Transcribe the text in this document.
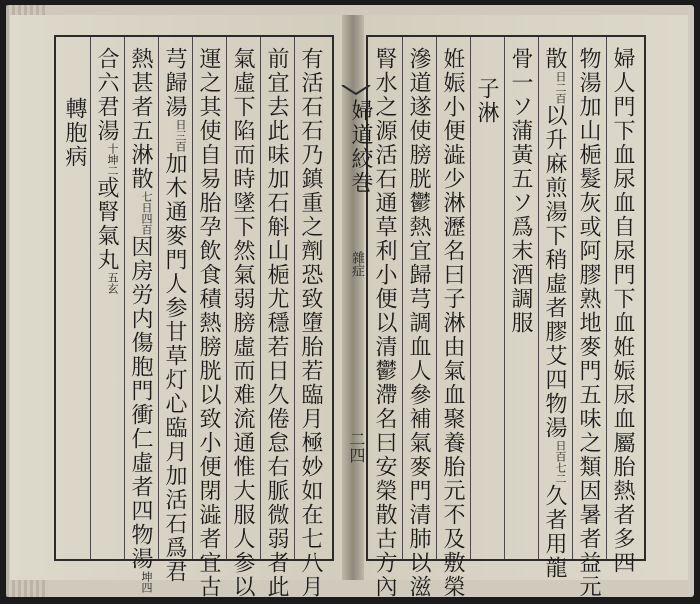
有活石石乃鎮重之劑恐致墮胎若臨月極妙如在七八月
前宜去此味加石斛山梔尤穩若日久倦怠右脈微弱者此
氣虛下陷而時墜下然氣弱膀虛而难流通惟大服人参以
運之其使自易胎孕飲食積熱膀胱以致小便閉澁者宜古
芎歸湯日三百加木通麥門人参甘草灯心臨月加活石爲君
熱甚者五淋散七日四百因房労内傷胞門衝仁虛者四物湯坤四
合六君湯十坤二或腎氣丸五玄
轉胞病	婦人門下血尿血自尿門下血姙娠尿血屬胎熱者多四
物湯加山梔髮灰或阿膠熟地麥門五味之類因暑者益元
散日二百以升麻煎湯下稍虛者膠艾四物湯日百七二久者用龍
骨一ソ蒲黃五ソ爲末酒調服
子淋
姙娠小便澁少淋瀝名曰子淋由氣血聚養胎元不及敷榮
滲道遂使膀胱鬱熱宜歸芎調血人參補氣麥門清肺以滋
腎水之源活石通草利小便以清鬱滯名曰安榮散古方內
婦道絞巻
雜症
二四
